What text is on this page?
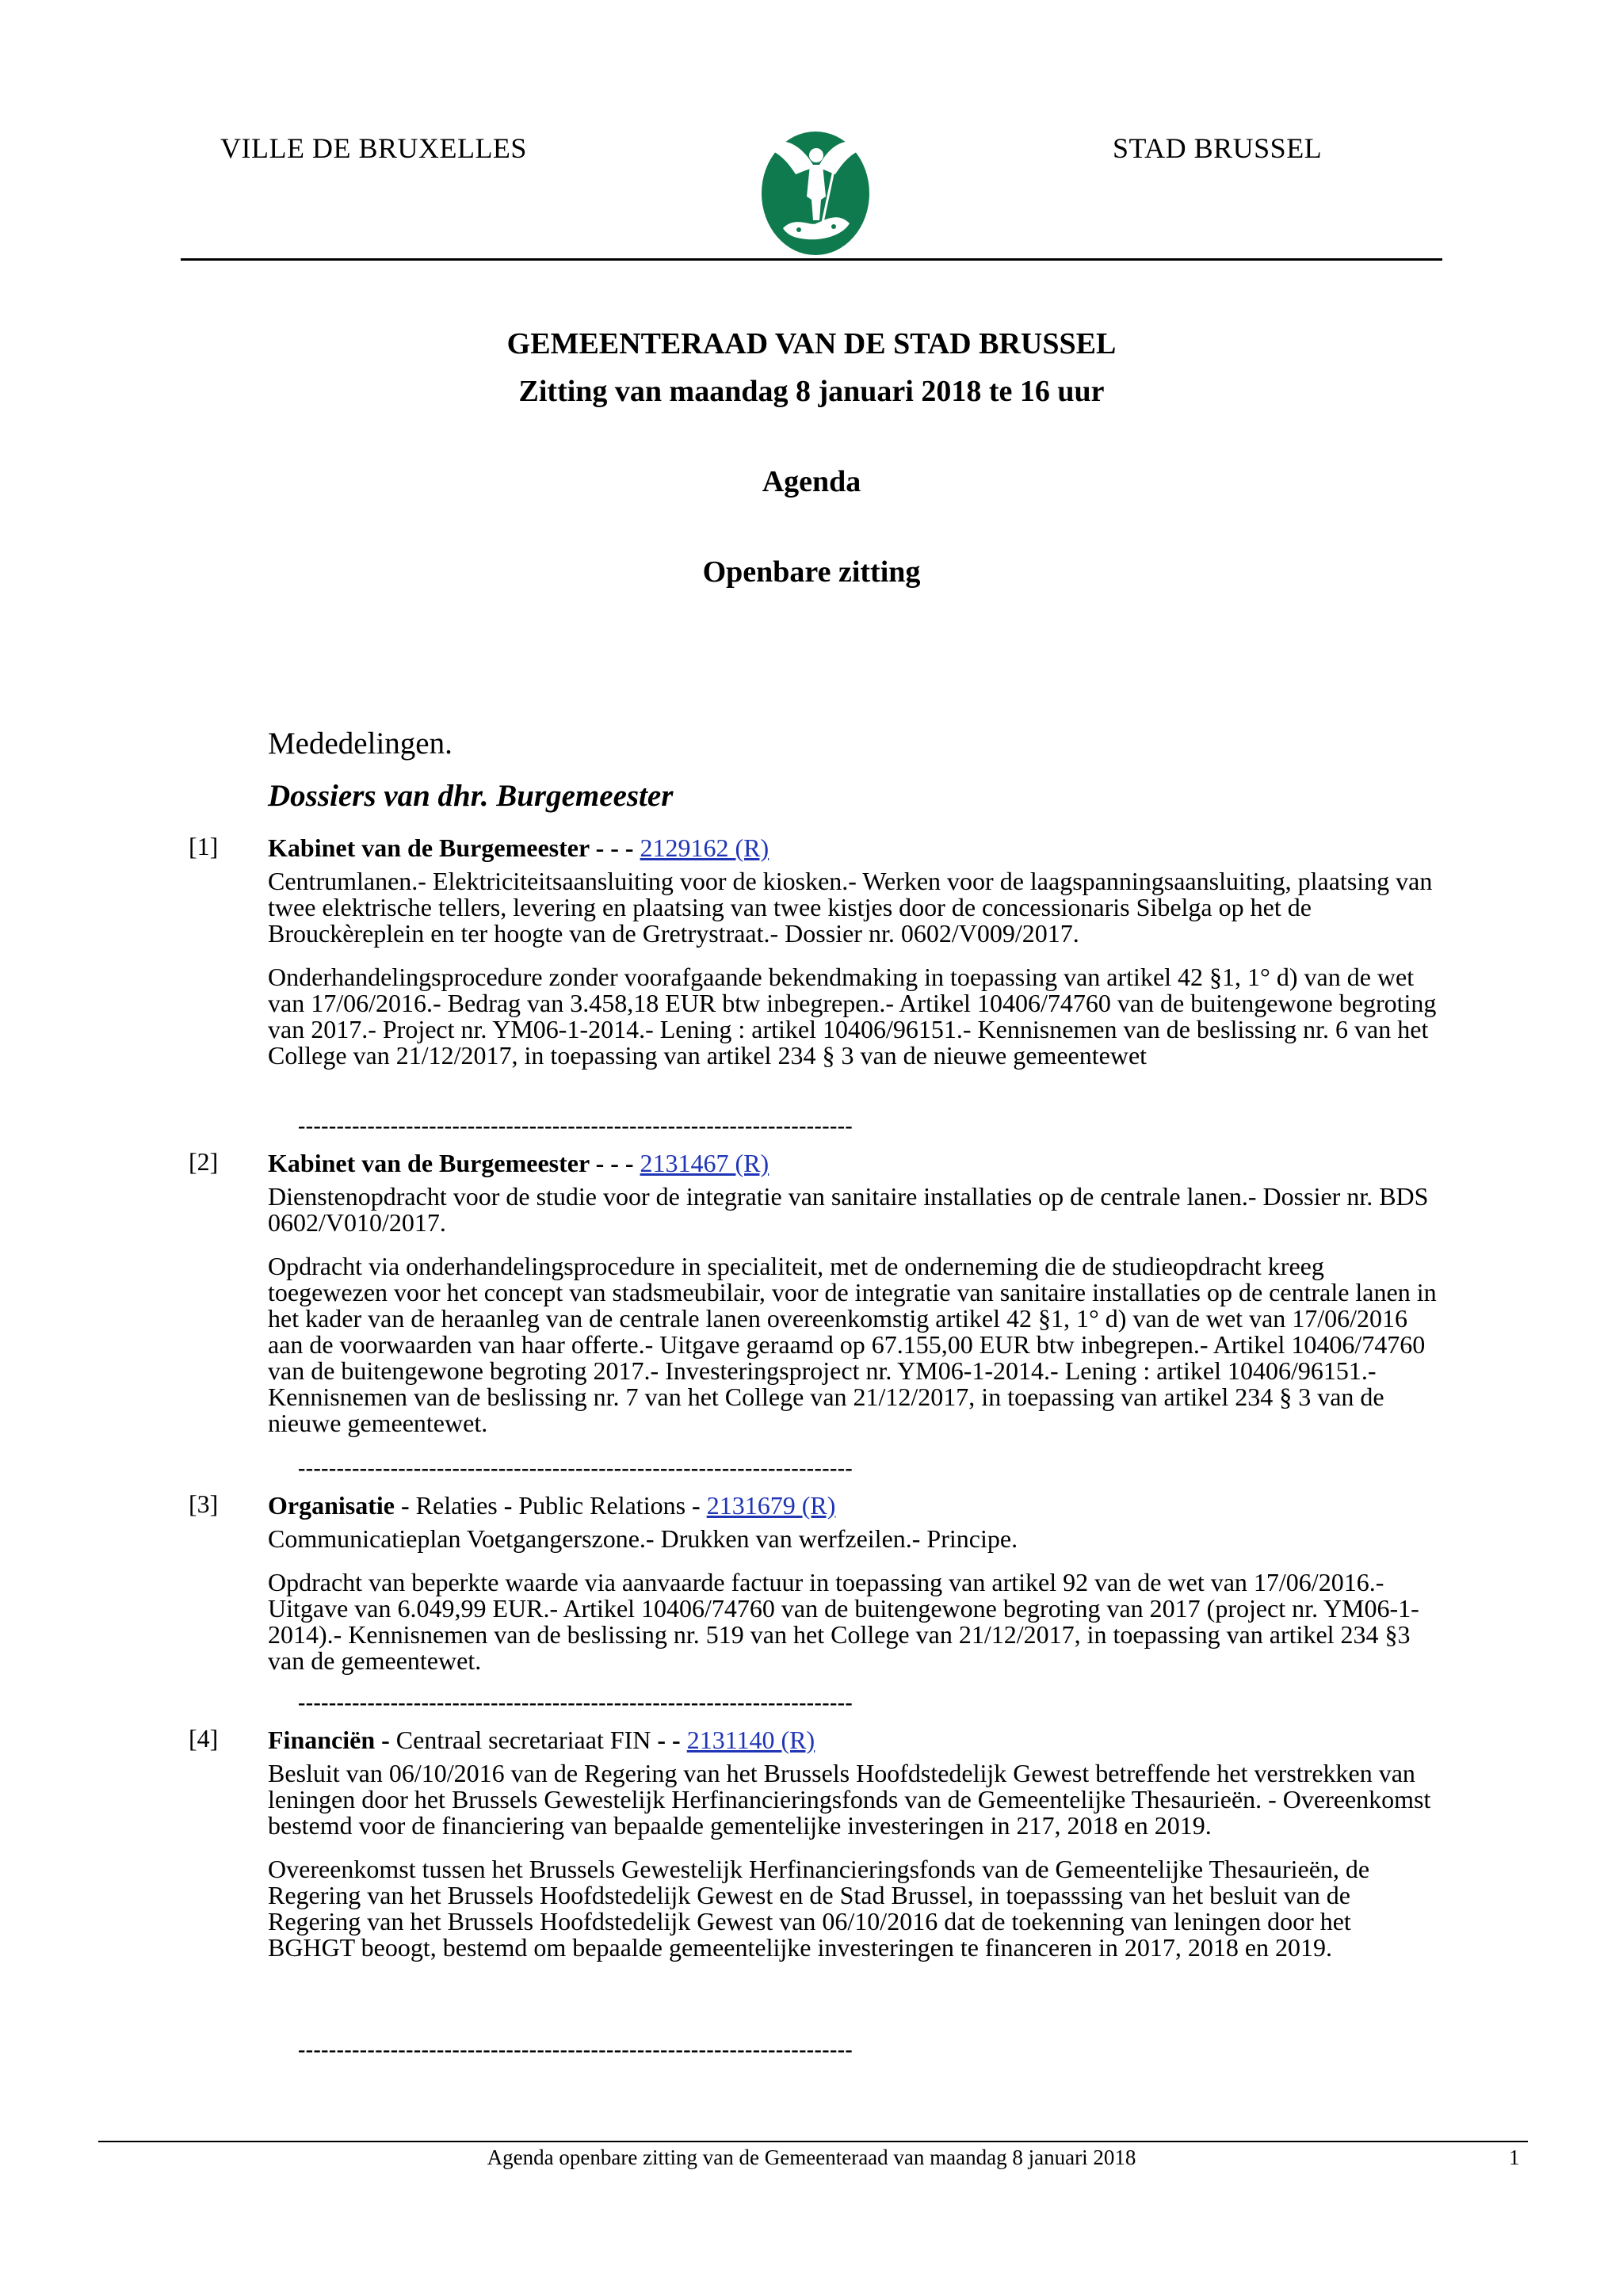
VILLE DE BRUXELLES	STAD BRUSSEL
GEMEENTERAAD VAN DE STAD BRUSSEL
Zitting van maandag 8 januari 2018 te 16 uur
Agenda
Openbare zitting
Mededelingen.
Dossiers van dhr. Burgemeester
[1] Kabinet van de Burgemeester - - - 2129162 (R)
Centrumlanen.- Elektriciteitsaansluiting voor de kiosken.- Werken voor de laagspanningsaansluiting, plaatsing van twee elektrische tellers, levering en plaatsing van twee kistjes door de concessionaris Sibelga op het de Brouckèreplein en ter hoogte van de Gretrystraat.- Dossier nr. 0602/V009/2017.
Onderhandelingsprocedure zonder voorafgaande bekendmaking in toepassing van artikel 42 §1, 1° d) van de wet van 17/06/2016.- Bedrag van 3.458,18 EUR btw inbegrepen.- Artikel 10406/74760 van de buitengewone begroting van 2017.- Project nr. YM06-1-2014.- Lening : artikel 10406/96151.- Kennisnemen van de beslissing nr. 6 van het College van 21/12/2017, in toepassing van artikel 234 § 3 van de nieuwe gemeentewet
------------------------------------------------------------------------
[2] Kabinet van de Burgemeester - - - 2131467 (R)
Dienstenopdracht voor de studie voor de integratie van sanitaire installaties op de centrale lanen.- Dossier nr. BDS 0602/V010/2017.
Opdracht via onderhandelingsprocedure in specialiteit, met de onderneming die de studieopdracht kreeg toegewezen voor het concept van stadsmeubilair, voor de integratie van sanitaire installaties op de centrale lanen in het kader van de heraanleg van de centrale lanen overeenkomstig artikel 42 §1, 1° d) van de wet van 17/06/2016 aan de voorwaarden van haar offerte.- Uitgave geraamd op 67.155,00 EUR btw inbegrepen.- Artikel 10406/74760 van de buitengewone begroting 2017.- Investeringsproject nr. YM06-1-2014.- Lening : artikel 10406/96151.- Kennisnemen van de beslissing nr. 7 van het College van 21/12/2017, in toepassing van artikel 234 § 3 van de nieuwe gemeentewet.
------------------------------------------------------------------------
[3] Organisatie - Relaties - Public Relations - 2131679 (R)
Communicatieplan Voetgangerszone.- Drukken van werfzeilen.- Principe.
Opdracht van beperkte waarde via aanvaarde factuur in toepassing van artikel 92 van de wet van 17/06/2016.- Uitgave van 6.049,99 EUR.- Artikel 10406/74760 van de buitengewone begroting van 2017 (project nr. YM06-1-2014).- Kennisnemen van de beslissing nr. 519 van het College van 21/12/2017, in toepassing van artikel 234 §3 van de gemeentewet.
------------------------------------------------------------------------
[4] Financiën - Centraal secretariaat FIN - - 2131140 (R)
Besluit van 06/10/2016 van de Regering van het Brussels Hoofdstedelijk Gewest betreffende het verstrekken van leningen door het Brussels Gewestelijk Herfinancieringsfonds van de Gemeentelijke Thesaurieën. - Overeenkomst bestemd voor de financiering van bepaalde gementelijke investeringen in 217, 2018 en 2019.
Overeenkomst tussen het Brussels Gewestelijk Herfinancieringsfonds van de Gemeentelijke Thesaurieën, de Regering van het Brussels Hoofdstedelijk Gewest en de Stad Brussel, in toepasssing van het besluit van de Regering van het Brussels Hoofdstedelijk Gewest van 06/10/2016 dat de toekenning van leningen door het BGHGT beoogt, bestemd om bepaalde gemeentelijke investeringen te financeren in 2017, 2018 en 2019.
------------------------------------------------------------------------
Agenda openbare zitting van de Gemeenteraad van maandag 8 januari 2018	1
